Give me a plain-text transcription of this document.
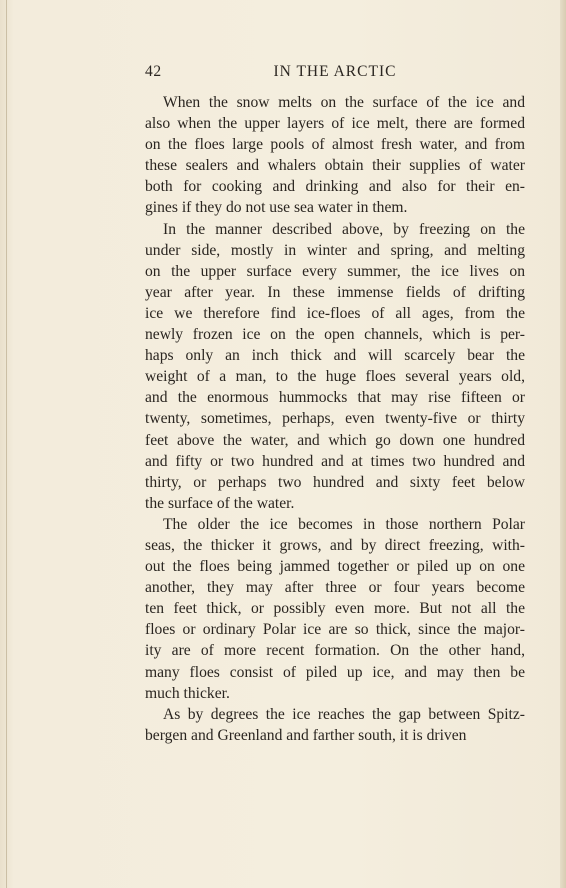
42	IN THE ARCTIC
When the snow melts on the surface of the ice and
also when the upper layers of ice melt, there are formed
on the floes large pools of almost fresh water, and from
these sealers and whalers obtain their supplies of water
both for cooking and drinking and also for their en-
gines if they do not use sea water in them.
In the manner described above, by freezing on the
under side, mostly in winter and spring, and melting
on the upper surface every summer, the ice lives on
year after year. In these immense fields of drifting
ice we therefore find ice-floes of all ages, from the
newly frozen ice on the open channels, which is per-
haps only an inch thick and will scarcely bear the
weight of a man, to the huge floes several years old,
and the enormous hummocks that may rise fifteen or
twenty, sometimes, perhaps, even twenty-five or thirty
feet above the water, and which go down one hundred
and fifty or two hundred and at times two hundred and
thirty, or perhaps two hundred and sixty feet below
the surface of the water.
The older the ice becomes in those northern Polar
seas, the thicker it grows, and by direct freezing, with-
out the floes being jammed together or piled up on one
another, they may after three or four years become
ten feet thick, or possibly even more. But not all the
floes or ordinary Polar ice are so thick, since the major-
ity are of more recent formation. On the other hand,
many floes consist of piled up ice, and may then be
much thicker.
As by degrees the ice reaches the gap between Spitz-
bergen and Greenland and farther south, it is driven
